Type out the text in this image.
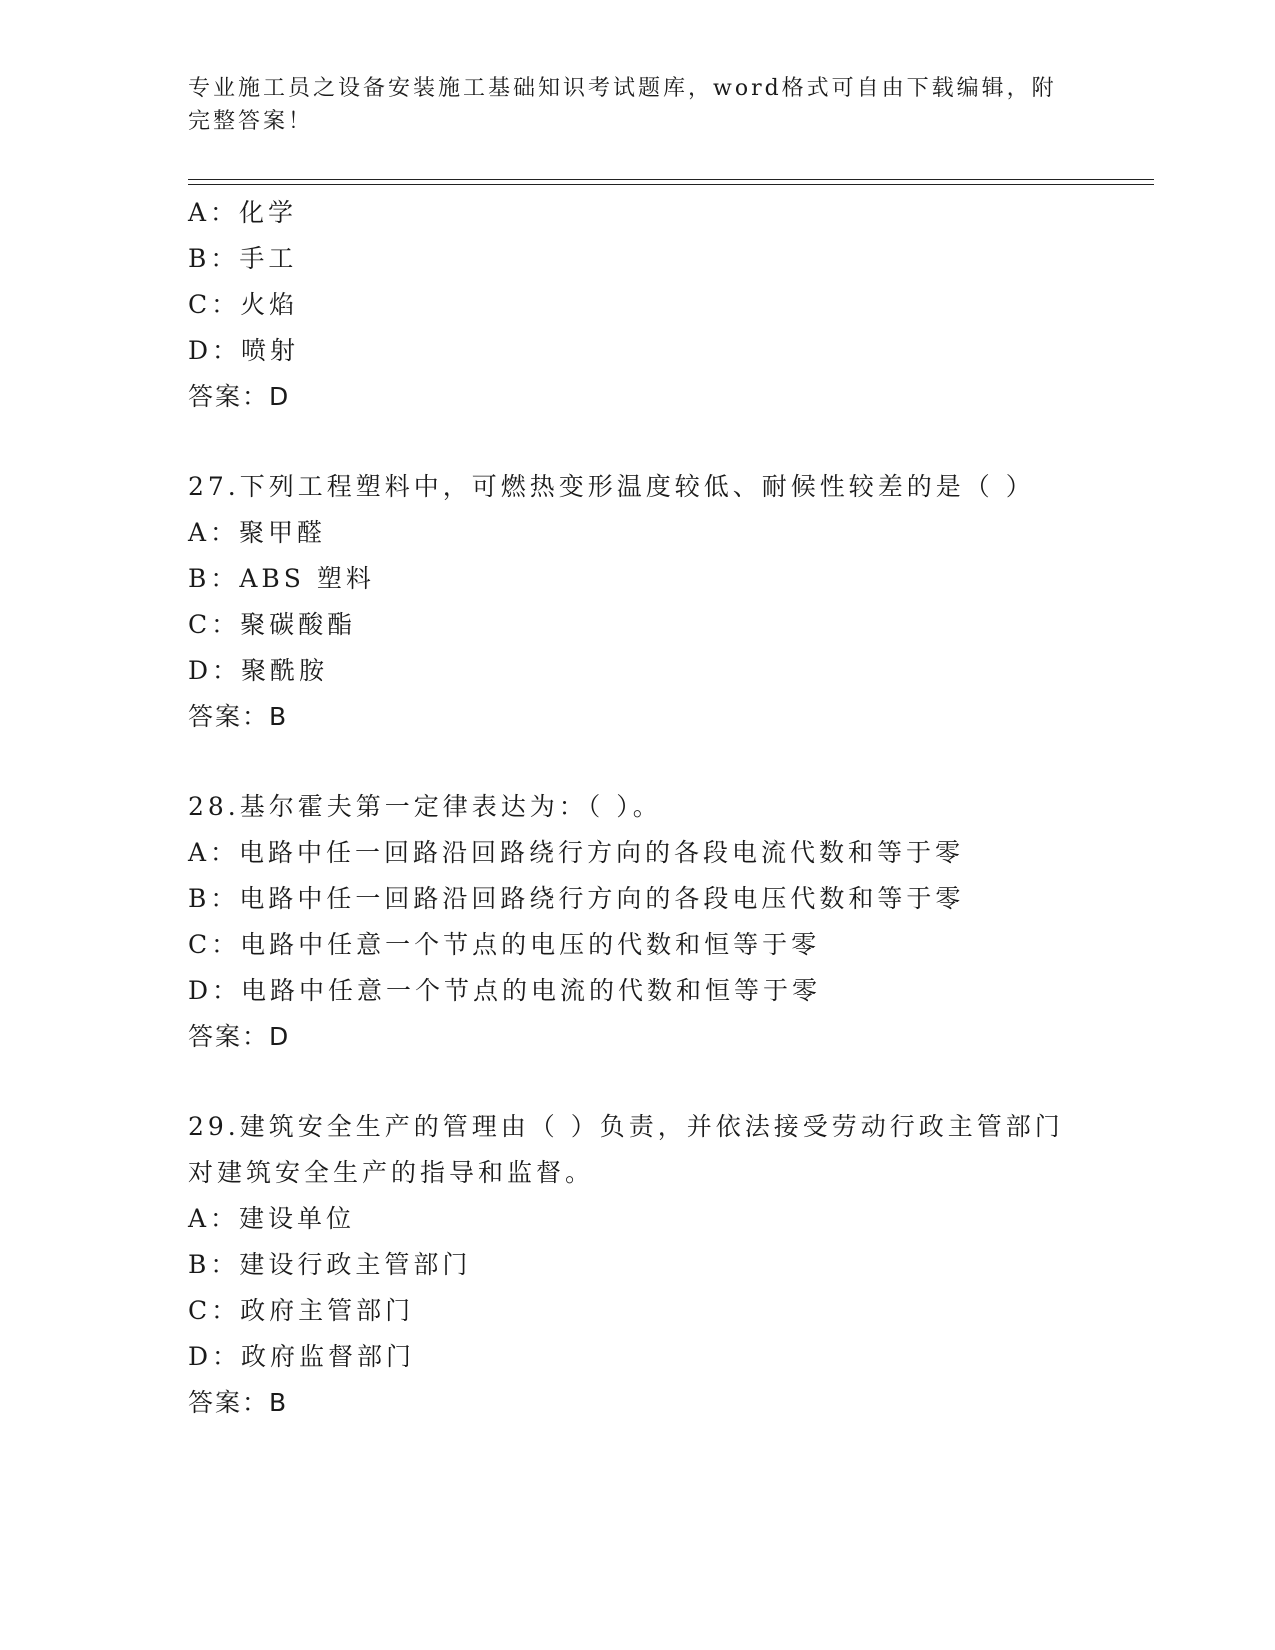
专业施工员之设备安装施工基础知识考试题库，word格式可自由下载编辑，附完整答案！
A：化学
B：手工
C：火焰
D：喷射
答案：D
27.下列工程塑料中，可燃热变形温度较低、耐候性较差的是（ ）
A：聚甲醛
B：ABS 塑料
C：聚碳酸酯
D：聚酰胺
答案：B
28.基尔霍夫第一定律表达为：（ ）。
A：电路中任一回路沿回路绕行方向的各段电流代数和等于零
B：电路中任一回路沿回路绕行方向的各段电压代数和等于零
C：电路中任意一个节点的电压的代数和恒等于零
D：电路中任意一个节点的电流的代数和恒等于零
答案：D
29.建筑安全生产的管理由（ ）负责，并依法接受劳动行政主管部门对建筑安全生产的指导和监督。
A：建设单位
B：建设行政主管部门
C：政府主管部门
D：政府监督部门
答案：B
